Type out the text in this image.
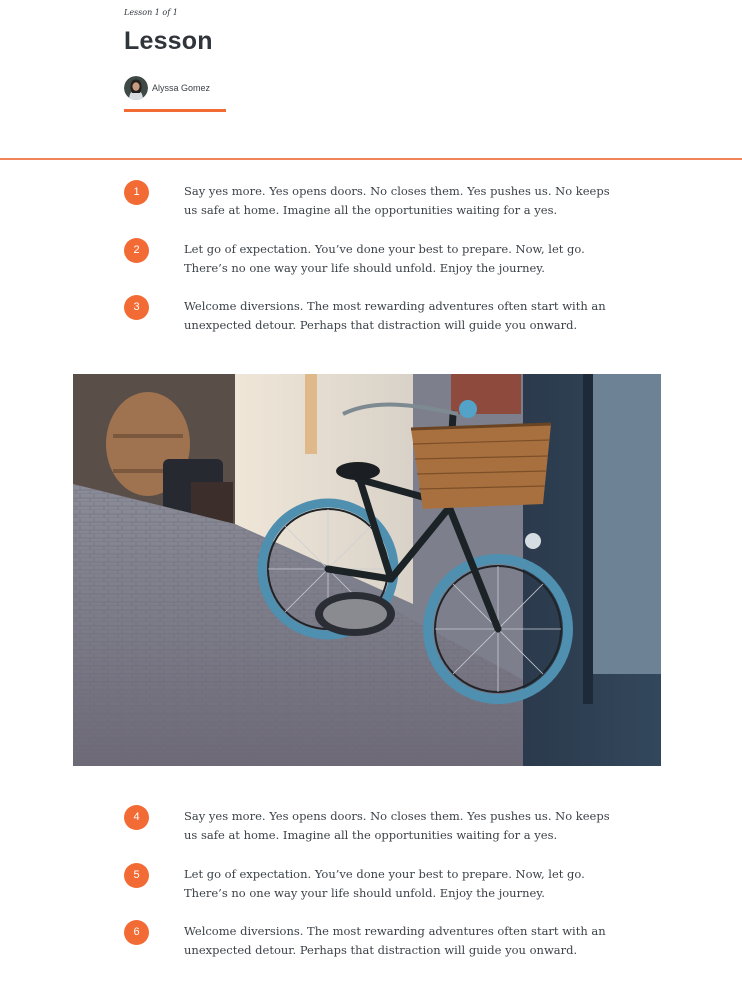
Lesson 1 of 1
Lesson
Alyssa Gomez
1	Say yes more. Yes opens doors. No closes them. Yes pushes us. No keeps us safe at home. Imagine all the opportunities waiting for a yes.

2	Let go of expectation. You’ve done your best to prepare. Now, let go. There’s no one way your life should unfold. Enjoy the journey.

3	Welcome diversions. The most rewarding adventures often start with an unexpected detour. Perhaps that distraction will guide you onward.

4	Say yes more. Yes opens doors. No closes them. Yes pushes us. No keeps us safe at home. Imagine all the opportunities waiting for a yes.

5	Let go of expectation. You’ve done your best to prepare. Now, let go. There’s no one way your life should unfold. Enjoy the journey.

6	Welcome diversions. The most rewarding adventures often start with an unexpected detour. Perhaps that distraction will guide you onward.
